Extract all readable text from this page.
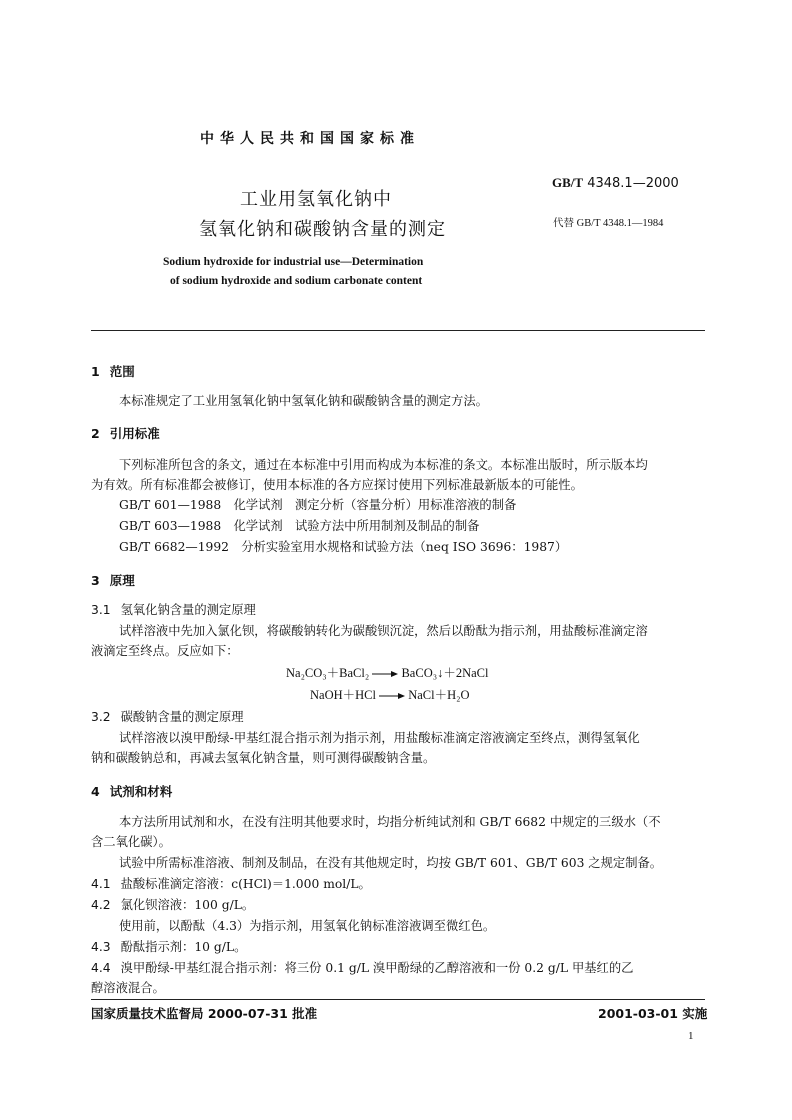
中华人民共和国国家标准
工业用氢氧化钠中
氢氧化钠和碳酸钠含量的测定
Sodium hydroxide for industrial use—Determination
of sodium hydroxide and sodium carbonate content
GB/T 4348.1—2000
代替 GB/T 4348.1—1984
1 范围
本标准规定了工业用氢氧化钠中氢氧化钠和碳酸钠含量的测定方法。
2 引用标准
下列标准所包含的条文，通过在本标准中引用而构成为本标准的条文。本标准出版时，所示版本均
为有效。所有标准都会被修订，使用本标准的各方应探讨使用下列标准最新版本的可能性。
GB/T 601—1988　化学试剂　测定分析（容量分析）用标准溶液的制备
GB/T 603—1988　化学试剂　试验方法中所用制剂及制品的制备
GB/T 6682—1992　分析实验室用水规格和试验方法（neq ISO 3696：1987）
3 原理
3.1 氢氧化钠含量的测定原理
试样溶液中先加入氯化钡，将碳酸钠转化为碳酸钡沉淀，然后以酚酞为指示剂，用盐酸标准滴定溶
液滴定至终点。反应如下：
Na₂CO₃＋BaCl₂ → BaCO₃↓＋2NaCl
NaOH＋HCl → NaCl＋H₂O
3.2 碳酸钠含量的测定原理
试样溶液以溴甲酚绿-甲基红混合指示剂为指示剂，用盐酸标准滴定溶液滴定至终点，测得氢氧化
钠和碳酸钠总和，再减去氢氧化钠含量，则可测得碳酸钠含量。
4 试剂和材料
本方法所用试剂和水，在没有注明其他要求时，均指分析纯试剂和 GB/T 6682 中规定的三级水（不
含二氧化碳）。
试验中所需标准溶液、制剂及制品，在没有其他规定时，均按 GB/T 601、GB/T 603 之规定制备。
4.1 盐酸标准滴定溶液：c(HCl)＝1.000 mol/L。
4.2 氯化钡溶液：100 g/L。
使用前，以酚酞（4.3）为指示剂，用氢氧化钠标准溶液调至微红色。
4.3 酚酞指示剂：10 g/L。
4.4 溴甲酚绿-甲基红混合指示剂：将三份 0.1 g/L 溴甲酚绿的乙醇溶液和一份 0.2 g/L 甲基红的乙
醇溶液混合。
国家质量技术监督局 2000-07-31 批准	2001-03-01 实施
1
